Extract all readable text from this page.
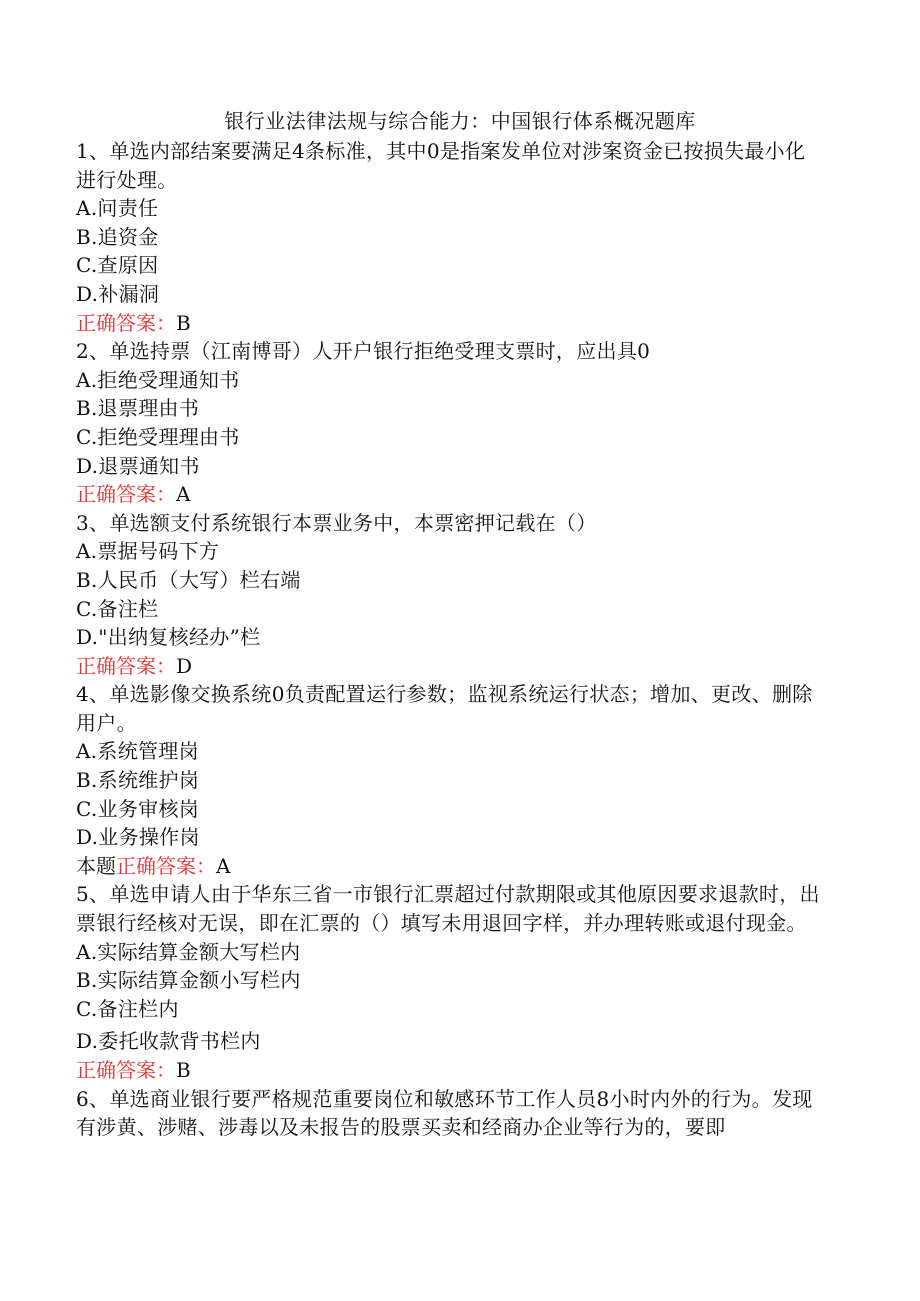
银行业法律法规与综合能力：中国银行体系概况题库

1、单选内部结案要满足4条标准，其中0是指案发单位对涉案资金已按损失最小化进行处理。

A.问责任

B.追资金

C.查原因

D.补漏洞

正确答案：B

2、单选持票（江南博哥）人开户银行拒绝受理支票时，应出具0

A.拒绝受理通知书

B.退票理由书

C.拒绝受理理由书

D.退票通知书

正确答案：A

3、单选额支付系统银行本票业务中，本票密押记载在（）

A.票据号码下方

B.人民币（大写）栏右端

C.备注栏

D."出纳复核经办”栏

正确答案：D

4、单选影像交换系统0负责配置运行参数；监视系统运行状态；增加、更改、删除用户。

A.系统管理岗

B.系统维护岗

C.业务审核岗

D.业务操作岗

本题正确答案：A

5、单选申请人由于华东三省一市银行汇票超过付款期限或其他原因要求退款时，出票银行经核对无误，即在汇票的（）填写未用退回字样，并办理转账或退付现金。

A.实际结算金额大写栏内

B.实际结算金额小写栏内

C.备注栏内

D.委托收款背书栏内

正确答案：B

6、单选商业银行要严格规范重要岗位和敏感环节工作人员8小时内外的行为。发现有涉黄、涉赌、涉毒以及未报告的股票买卖和经商办企业等行为的，要即
